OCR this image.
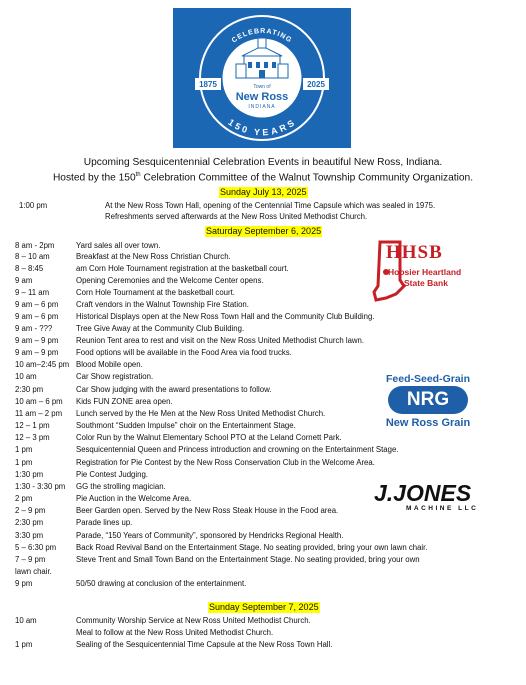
CELEBRATING
150 YEARS
Town of
New Ross
INDIANA
1875	2025
Upcoming Sesquicentennial Celebration Events in beautiful New Ross, Indiana.
Hosted by the 150th Celebration Committee of the Walnut Township Community Organization.
Sunday July 13, 2025
Saturday September 6, 2025
Sunday September 7, 2025
1:00 pm	At the New Ross Town Hall, opening of the Centennial Time Capsule which was sealed in 1975.
Refreshments served afterwards at the New Ross United Methodist Church.
8 am - 2pm	Yard sales all over town.
8 – 10 am	Breakfast at the New Ross Christian Church.
8 – 8:45	am Corn Hole Tournament registration at the basketball court.
9 am	Opening Ceremonies and the Welcome Center opens.
9 – 11 am	Corn Hole Tournament at the basketball court.
9 am – 6 pm Craft vendors in the Walnut Township Fire Station.
9 am – 6 pm Historical Displays open at the New Ross Town Hall and the Community Club Building.
9 am - ???	Tree Give Away at the Community Club Building.
9 am – 9 pm Reunion Tent area to rest and visit on the New Ross United Methodist Church lawn.
9 am – 9 pm Food options will be available in the Food Area via food trucks.
10 am–2:45 pm Blood Mobile open.
10 am	Car Show registration.
2:30 pm	Car Show judging with the award presentations to follow.
10 am – 6 pm Kids FUN ZONE area open.
11 am – 2 pm Lunch served by the He Men at the New Ross United Methodist Church.
12 – 1 pm	Southmont “Sudden Impulse” choir on the Entertainment Stage.
12 – 3 pm	Color Run by the Walnut Elementary School PTO at the Leland Cornett Park.
1 pm	Sesquicentennial Queen and Princess introduction and crowning on the Entertainment Stage.
1 pm	Registration for Pie Contest by the New Ross Conservation Club in the Welcome Area.
1:30 pm	Pie Contest Judging.
1:30 - 3:30 pm GG the strolling magician.
2 pm	Pie Auction in the Welcome Area.
2 – 9 pm	Beer Garden open. Served by the New Ross Steak House in the Food area.
2:30 pm	Parade lines up.
3:30 pm	Parade, “150 Years of Community”, sponsored by Hendricks Regional Health.
5 – 6:30 pm	Back Road Revival Band on the Entertainment Stage. No seating provided, bring your own lawn chair.
7 – 9 pm	Steve Trent and Small Town Band on the Entertainment Stage. No seating provided, bring your own
lawn chair.
9 pm	50/50 drawing at conclusion of the entertainment.
10 am	Community Worship Service at New Ross United Methodist Church.
Meal to follow at the New Ross United Methodist Church.
1 pm	Sealing of the Sesquicentennial Time Capsule at the New Ross Town Hall.
HHSB
Hoosier Heartland
State Bank
Feed-Seed-Grain
NRG
New Ross Grain
J.JONES
MACHINE LLC
